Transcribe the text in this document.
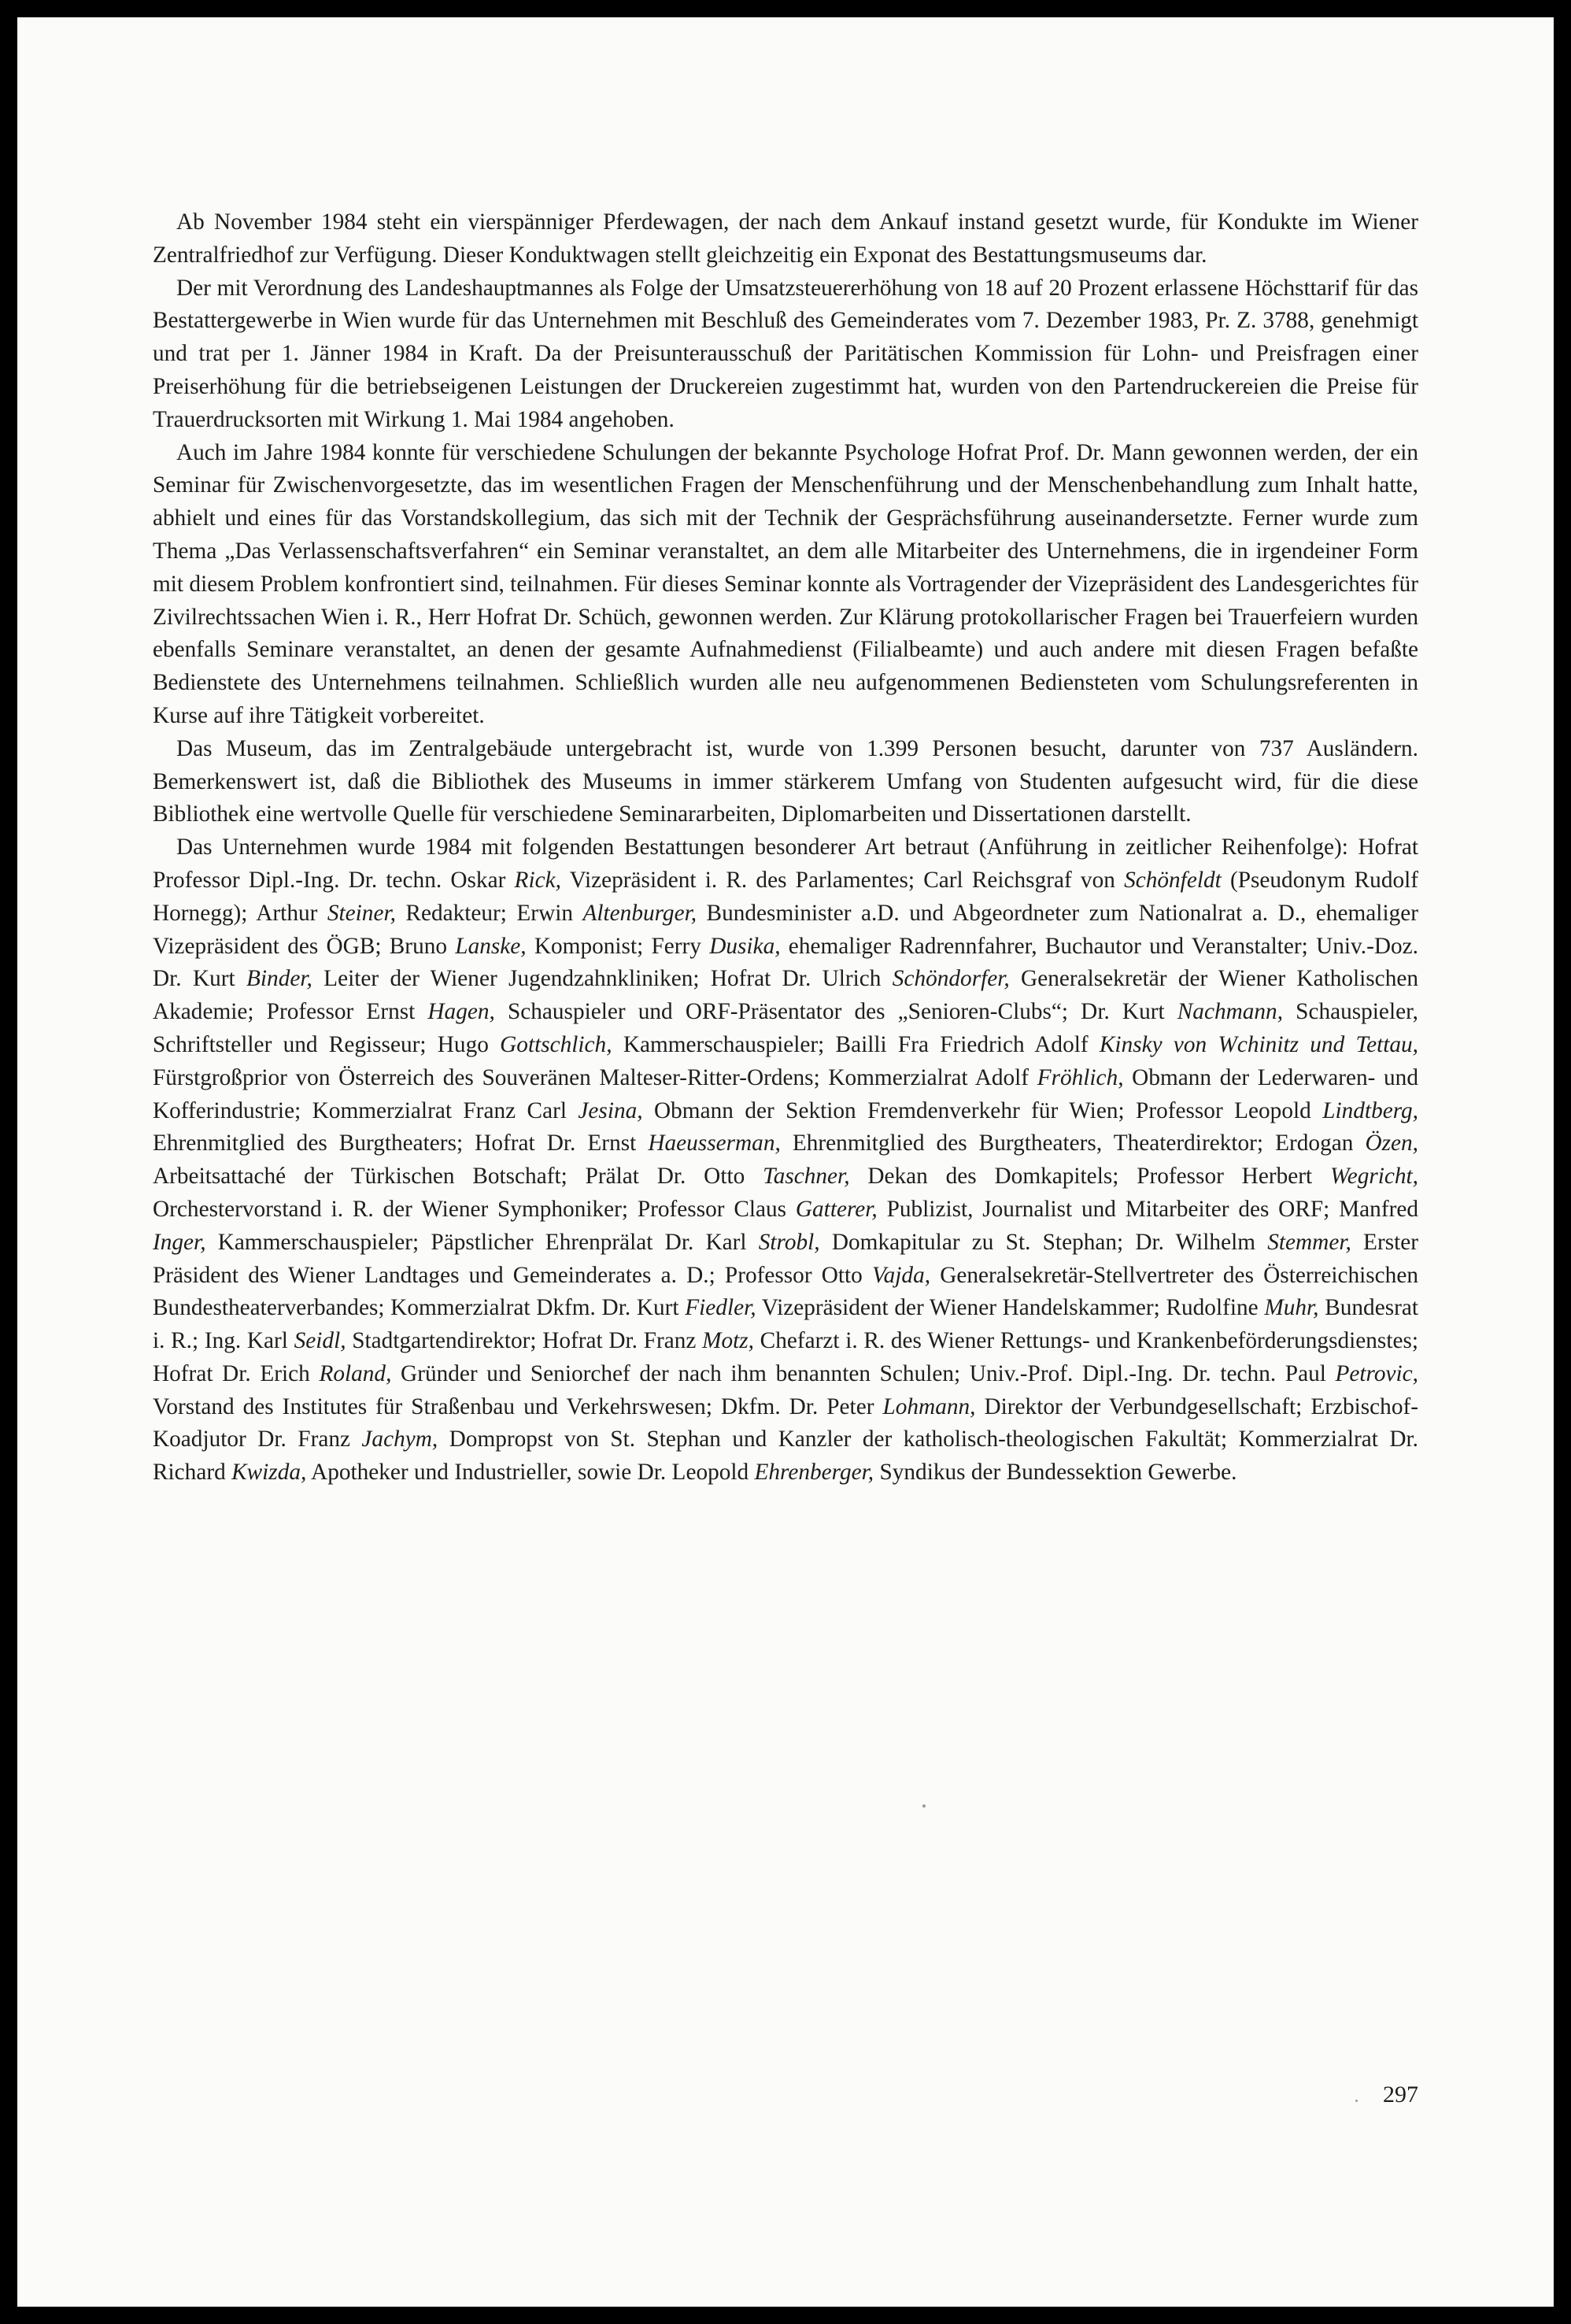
Ab November 1984 steht ein vierspänniger Pferdewagen, der nach dem Ankauf instand gesetzt wurde, für Kondukte im Wiener Zentralfriedhof zur Verfügung. Dieser Konduktwagen stellt gleichzeitig ein Exponat des Bestattungsmuseums dar.

Der mit Verordnung des Landeshauptmannes als Folge der Umsatzsteuererhöhung von 18 auf 20 Prozent erlassene Höchsttarif für das Bestattergewerbe in Wien wurde für das Unternehmen mit Beschluß des Gemeinderates vom 7. Dezember 1983, Pr. Z. 3788, genehmigt und trat per 1. Jänner 1984 in Kraft. Da der Preisunterausschuß der Paritätischen Kommission für Lohn- und Preisfragen einer Preiserhöhung für die betriebseigenen Leistungen der Druckereien zugestimmt hat, wurden von den Partendruckereien die Preise für Trauerdrucksorten mit Wirkung 1. Mai 1984 angehoben.

Auch im Jahre 1984 konnte für verschiedene Schulungen der bekannte Psychologe Hofrat Prof. Dr. Mann gewonnen werden, der ein Seminar für Zwischenvorgesetzte, das im wesentlichen Fragen der Menschenführung und der Menschenbehandlung zum Inhalt hatte, abhielt und eines für das Vorstandskollegium, das sich mit der Technik der Gesprächsführung auseinandersetzte. Ferner wurde zum Thema „Das Verlassenschaftsverfahren“ ein Seminar veranstaltet, an dem alle Mitarbeiter des Unternehmens, die in irgendeiner Form mit diesem Problem konfrontiert sind, teilnahmen. Für dieses Seminar konnte als Vortragender der Vizepräsident des Landesgerichtes für Zivilrechtssachen Wien i. R., Herr Hofrat Dr. Schüch, gewonnen werden. Zur Klärung protokollarischer Fragen bei Trauerfeiern wurden ebenfalls Seminare veranstaltet, an denen der gesamte Aufnahmedienst (Filialbeamte) und auch andere mit diesen Fragen befaßte Bedienstete des Unternehmens teilnahmen. Schließlich wurden alle neu aufgenommenen Bediensteten vom Schulungsreferenten in Kurse auf ihre Tätigkeit vorbereitet.

Das Museum, das im Zentralgebäude untergebracht ist, wurde von 1.399 Personen besucht, darunter von 737 Ausländern. Bemerkenswert ist, daß die Bibliothek des Museums in immer stärkerem Umfang von Studenten aufgesucht wird, für die diese Bibliothek eine wertvolle Quelle für verschiedene Seminararbeiten, Diplomarbeiten und Dissertationen darstellt.

Das Unternehmen wurde 1984 mit folgenden Bestattungen besonderer Art betraut (Anführung in zeitlicher Reihenfolge): Hofrat Professor Dipl.-Ing. Dr. techn. Oskar Rick, Vizepräsident i. R. des Parlamentes; Carl Reichsgraf von Schönfeldt (Pseudonym Rudolf Hornegg); Arthur Steiner, Redakteur; Erwin Altenburger, Bundesminister a.D. und Abgeordneter zum Nationalrat a. D., ehemaliger Vizepräsident des ÖGB; Bruno Lanske, Komponist; Ferry Dusika, ehemaliger Radrennfahrer, Buchautor und Veranstalter; Univ.-Doz. Dr. Kurt Binder, Leiter der Wiener Jugendzahnkliniken; Hofrat Dr. Ulrich Schöndorfer, Generalsekretär der Wiener Katholischen Akademie; Professor Ernst Hagen, Schauspieler und ORF-Präsentator des „Senioren-Clubs“; Dr. Kurt Nachmann, Schauspieler, Schriftsteller und Regisseur; Hugo Gottschlich, Kammerschauspieler; Bailli Fra Friedrich Adolf Kinsky von Wchinitz und Tettau, Fürstgroßprior von Österreich des Souveränen Malteser-Ritter-Ordens; Kommerzialrat Adolf Fröhlich, Obmann der Lederwaren- und Kofferindustrie; Kommerzialrat Franz Carl Jesina, Obmann der Sektion Fremdenverkehr für Wien; Professor Leopold Lindtberg, Ehrenmitglied des Burgtheaters; Hofrat Dr. Ernst Haeusserman, Ehrenmitglied des Burgtheaters, Theaterdirektor; Erdogan Özen, Arbeitsattaché der Türkischen Botschaft; Prälat Dr. Otto Taschner, Dekan des Domkapitels; Professor Herbert Wegricht, Orchestervorstand i. R. der Wiener Symphoniker; Professor Claus Gatterer, Publizist, Journalist und Mitarbeiter des ORF; Manfred Inger, Kammerschauspieler; Päpstlicher Ehrenprälat Dr. Karl Strobl, Domkapitular zu St. Stephan; Dr. Wilhelm Stemmer, Erster Präsident des Wiener Landtages und Gemeinderates a. D.; Professor Otto Vajda, Generalsekretär-Stellvertreter des Österreichischen Bundestheaterverbandes; Kommerzialrat Dkfm. Dr. Kurt Fiedler, Vizepräsident der Wiener Handelskammer; Rudolfine Muhr, Bundesrat i. R.; Ing. Karl Seidl, Stadtgartendirektor; Hofrat Dr. Franz Motz, Chefarzt i. R. des Wiener Rettungs- und Krankenbeförderungsdienstes; Hofrat Dr. Erich Roland, Gründer und Seniorchef der nach ihm benannten Schulen; Univ.-Prof. Dipl.-Ing. Dr. techn. Paul Petrovic, Vorstand des Institutes für Straßenbau und Verkehrswesen; Dkfm. Dr. Peter Lohmann, Direktor der Verbundgesellschaft; Erzbischof-Koadjutor Dr. Franz Jachym, Dompropst von St. Stephan und Kanzler der katholisch-theologischen Fakultät; Kommerzialrat Dr. Richard Kwizda, Apotheker und Industrieller, sowie Dr. Leopold Ehrenberger, Syndikus der Bundessektion Gewerbe.

297
